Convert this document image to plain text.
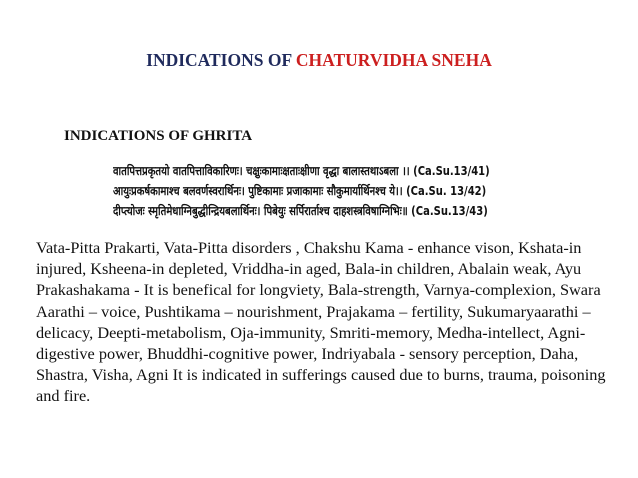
INDICATIONS OF CHATURVIDHA SNEHA
INDICATIONS OF GHRITA
वातपित्तप्रकृतयो वातपित्ताविकारिणः। चक्षुःकामाःक्षताःक्षीणा वृद्धा बालास्तथाऽबला ।। (Ca.Su.13/41)
आयुःप्रकर्षकामाश्च बलवर्णस्वरार्थिनः। पुष्टिकामाः प्रजाकामाः सौकुमार्यार्थिनश्च ये।। (Ca.Su. 13/42)
दीप्त्योजः स्मृतिमेधाग्निबुद्धीन्द्रियबलार्थिनः। पिबेयुः सर्पिरार्ताश्च दाहशस्त्रविषाग्निभिः॥ (Ca.Su.13/43)
Vata-Pitta Prakarti, Vata-Pitta disorders , Chakshu Kama - enhance vison, Kshata-in injured, Ksheena-in depleted, Vriddha-in aged, Bala-in children, Abalain weak, Ayu Prakashakama - It is benefical for longviety, Bala-strength, Varnya-complexion, Swara Aarathi – voice, Pushtikama – nourishment, Prajakama – fertility, Sukumaryaarathi – delicacy, Deepti-metabolism, Oja-immunity, Smriti-memory, Medha-intellect, Agni-digestive power, Bhuddhi-cognitive power, Indriyabala - sensory perception, Daha, Shastra, Visha, Agni It is indicated in sufferings caused due to burns, trauma, poisoning and fire.
